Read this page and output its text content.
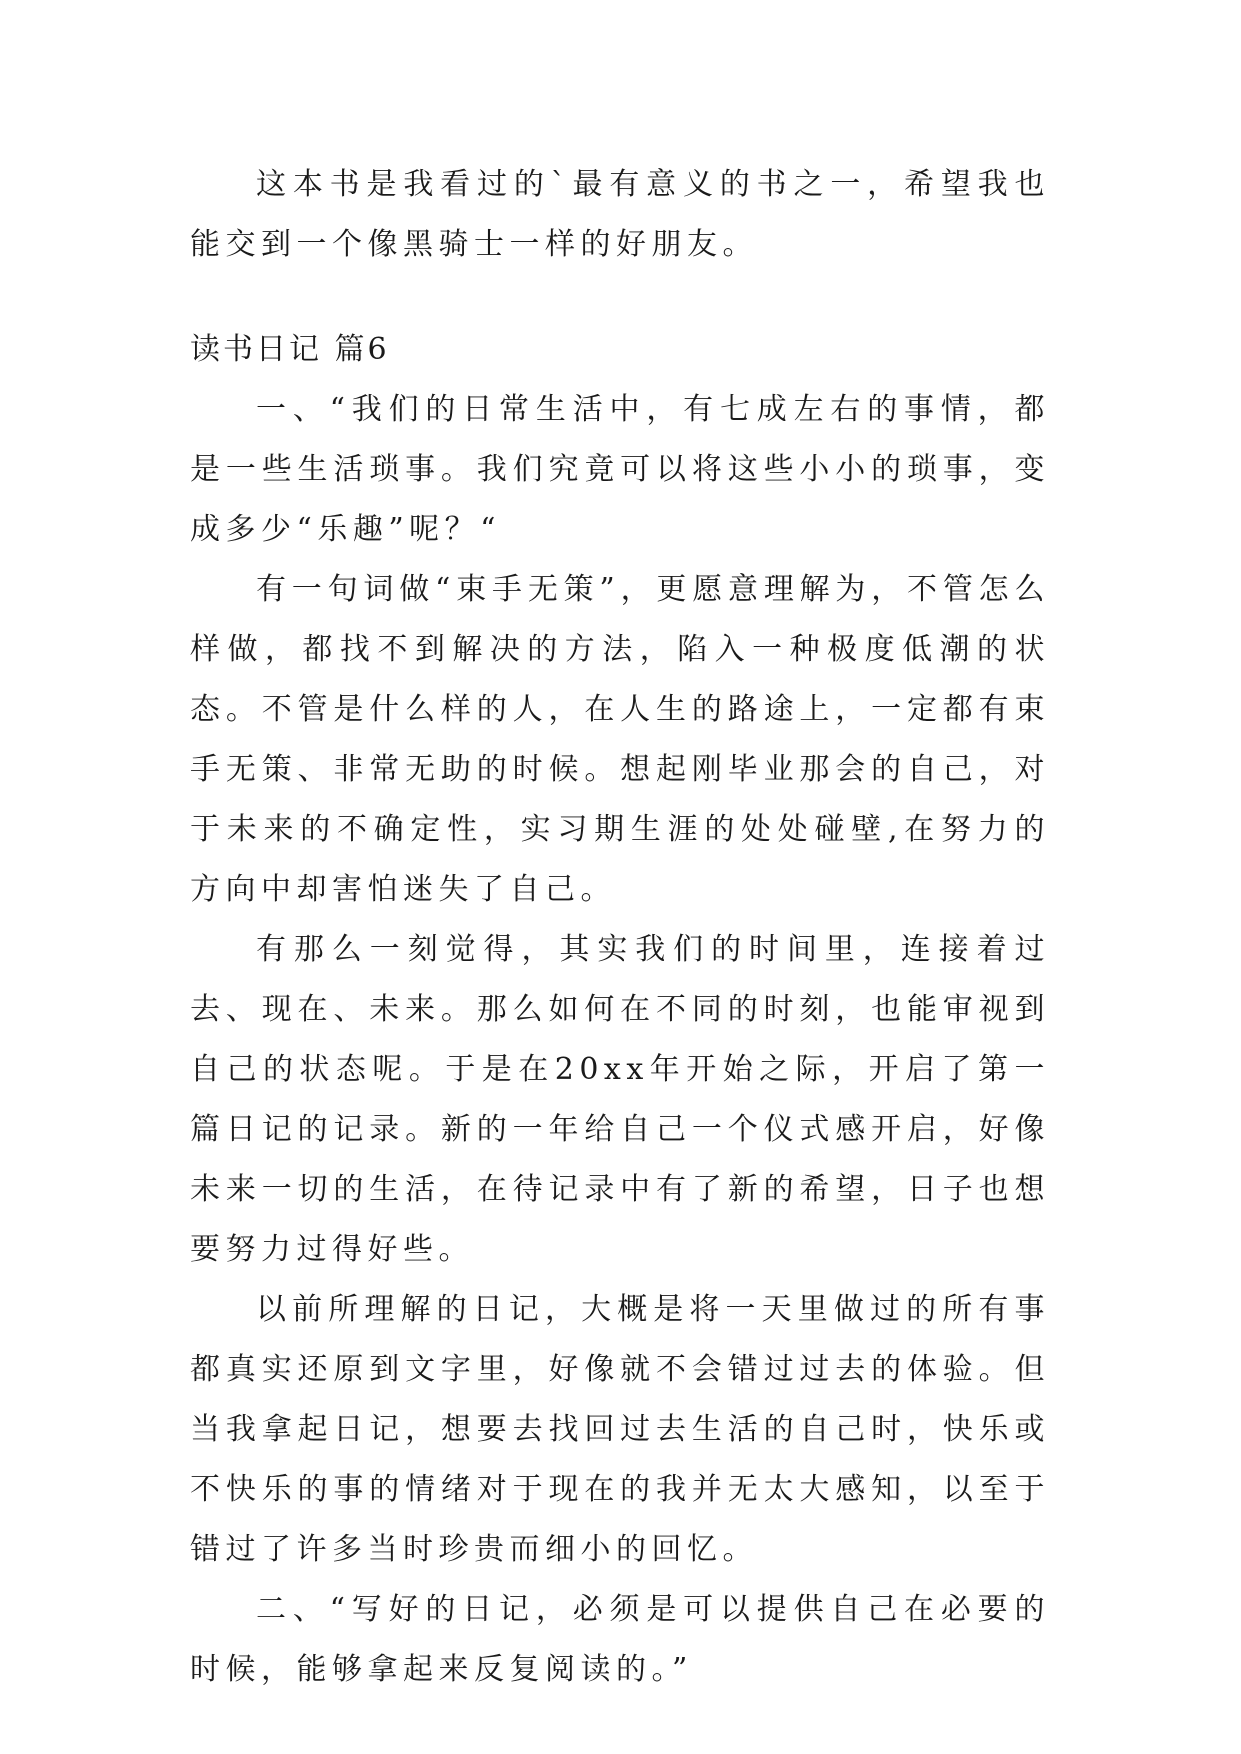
这本书是我看过的`最有意义的书之一，希望我也能交到一个像黑骑士一样的好朋友。

读书日记 篇6

一、“我们的日常生活中，有七成左右的事情，都是一些生活琐事。我们究竟可以将这些小小的琐事，变成多少“乐趣”呢？“

有一句词做“束手无策”，更愿意理解为，不管怎么样做，都找不到解决的方法，陷入一种极度低潮的状态。不管是什么样的人，在人生的路途上，一定都有束手无策、非常无助的时候。想起刚毕业那会的自己，对于未来的不确定性，实习期生涯的处处碰壁,在努力的方向中却害怕迷失了自己。

有那么一刻觉得，其实我们的时间里，连接着过去、现在、未来。那么如何在不同的时刻，也能审视到自己的状态呢。于是在20xx年开始之际，开启了第一篇日记的记录。新的一年给自己一个仪式感开启，好像未来一切的生活，在待记录中有了新的希望，日子也想要努力过得好些。

以前所理解的日记，大概是将一天里做过的所有事都真实还原到文字里，好像就不会错过过去的体验。但当我拿起日记，想要去找回过去生活的自己时，快乐或不快乐的事的情绪对于现在的我并无太大感知，以至于错过了许多当时珍贵而细小的回忆。

二、“写好的日记，必须是可以提供自己在必要的时候，能够拿起来反复阅读的。”
